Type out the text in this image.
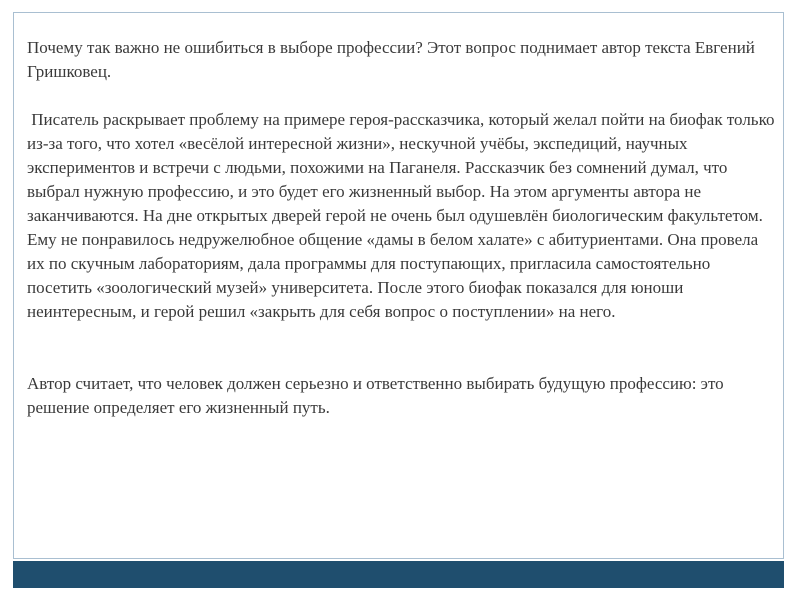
Почему так важно не ошибиться в выборе профессии? Этот вопрос поднимает автор текста Евгений Гришковец.

Писатель раскрывает проблему на примере героя-рассказчика, который желал пойти на биофак только из-за того, что хотел «весёлой интересной жизни», нескучной учёбы, экспедиций, научных экспериментов и встречи с людьми, похожими на Паганеля. Рассказчик без сомнений думал, что выбрал нужную профессию, и это будет его жизненный выбор. На этом аргументы автора не заканчиваются. На дне открытых дверей герой не очень был одушевлён биологическим факультетом. Ему не понравилось недружелюбное общение «дамы в белом халате» с абитуриентами. Она провела их по скучным лабораториям, дала программы для поступающих, пригласила самостоятельно посетить «зоологический музей» университета. После этого биофак показался для юноши неинтересным, и герой решил «закрыть для себя вопрос о поступлении» на него.

Автор считает, что человек должен серьезно и ответственно выбирать будущую профессию: это решение определяет его жизненный путь.
